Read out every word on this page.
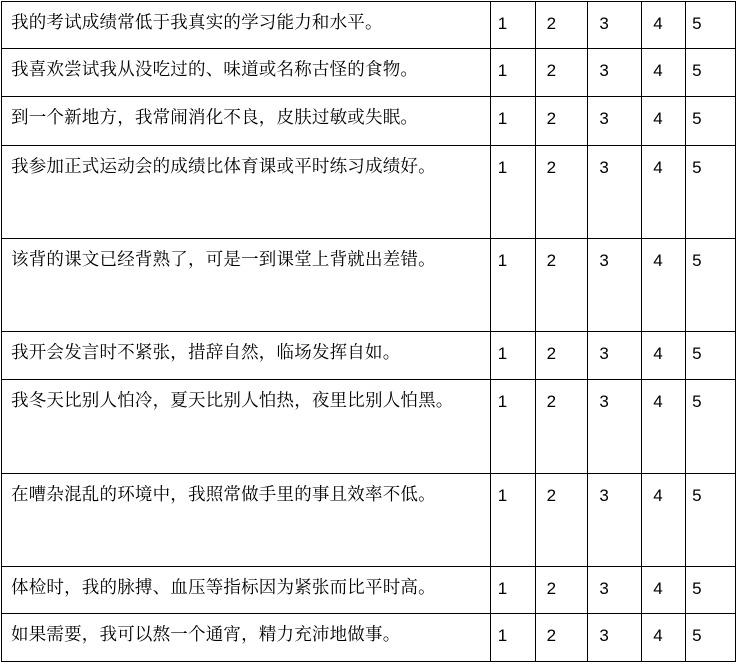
我的考试成绩常低于我真实的学习能力和水平。	1	2	3	4	5

我喜欢尝试我从没吃过的、味道或名称古怪的食物。	1	2	3	4	5

到一个新地方，我常闹消化不良，皮肤过敏或失眠。	1	2	3	4	5

我参加正式运动会的成绩比体育课或平时练习成绩好。	1	2	3	4	5

该背的课文已经背熟了，可是一到课堂上背就出差错。	1	2	3	4	5

我开会发言时不紧张，措辞自然，临场发挥自如。	1	2	3	4	5

我冬天比别人怕冷，夏天比别人怕热，夜里比别人怕黑。	1	2	3	4	5

在嘈杂混乱的环境中，我照常做手里的事且效率不低。	1	2	3	4	5

体检时，我的脉搏、血压等指标因为紧张而比平时高。	1	2	3	4	5

如果需要，我可以熬一个通宵，精力充沛地做事。	1	2	3	4	5
